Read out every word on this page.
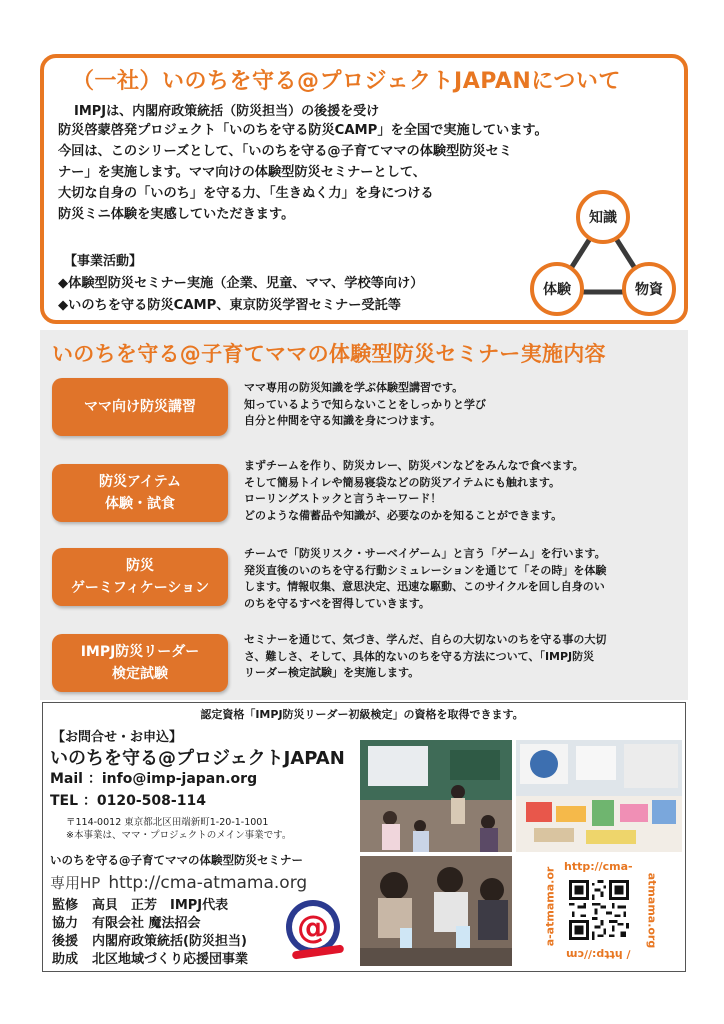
（一社）いのちを守る@プロジェクトJAPANについて
IMPJは、内閣府政策統括（防災担当）の後援を受け
防災啓蒙啓発プロジェクト「いのちを守る防災CAMP」を全国で実施しています。
今回は、このシリーズとして、「いのちを守る@子育てママの体験型防災セミ
ナー」を実施します。ママ向けの体験型防災セミナーとして、
大切な自身の「いのち」を守る力、「生きぬく力」を身につける
防災ミニ体験を実感していただきます。
【事業活動】
◆体験型防災セミナー実施（企業、児童、ママ、学校等向け）
◆いのちを守る防災CAMP、東京防災学習セミナー受託等
知識
体験	物資
いのちを守る@子育てママの体験型防災セミナー実施内容
ママ向け防災講習
ママ専用の防災知識を学ぶ体験型講習です。
知っているようで知らないことをしっかりと学び
自分と仲間を守る知識を身につけます。
防災アイテム
体験・試食
まずチームを作り、防災カレー、防災パンなどをみんなで食べます。
そして簡易トイレや簡易寝袋などの防災アイテムにも触れます。
ローリングストックと言うキーワード！
どのような備蓄品や知識が、必要なのかを知ることができます。
防災
ゲーミフィケーション
チームで「防災リスク・サーベイゲーム」と言う「ゲーム」を行います。
発災直後のいのちを守る行動シミュレーションを通じて「その時」を体験
します。情報収集、意思決定、迅速な駆動、このサイクルを回し自身のい
のちを守るすべを習得していきます。
IMPJ防災リーダー
検定試験
セミナーを通じて、気づき、学んだ、自らの大切ないのちを守る事の大切
さ、難しさ、そして、具体的ないのちを守る方法について、「IMPJ防災
リーダー検定試験」を実施します。
認定資格「IMPJ防災リーダー初級検定」の資格を取得できます。
【お問合せ・お申込】
いのちを守る@プロジェクトJAPAN
Mail ：info@imp-japan.org
TEL ：0120-508-114
〒114-0012 東京都北区田端新町1-20-1-1001
※本事業は、ママ・プロジェクトのメイン事業です。
いのちを守る@子育てママの体験型防災セミナー
専用HP http://cma-atmama.org
監修 高貝　正芳　IMPJ代表
協力 有限会社 魔法招会
後援 内閣府政策統括(防災担当)
助成 北区地域づくり応援団事業
@
http://cma-
atmama.org
/ http://cm
a-atmama.or
